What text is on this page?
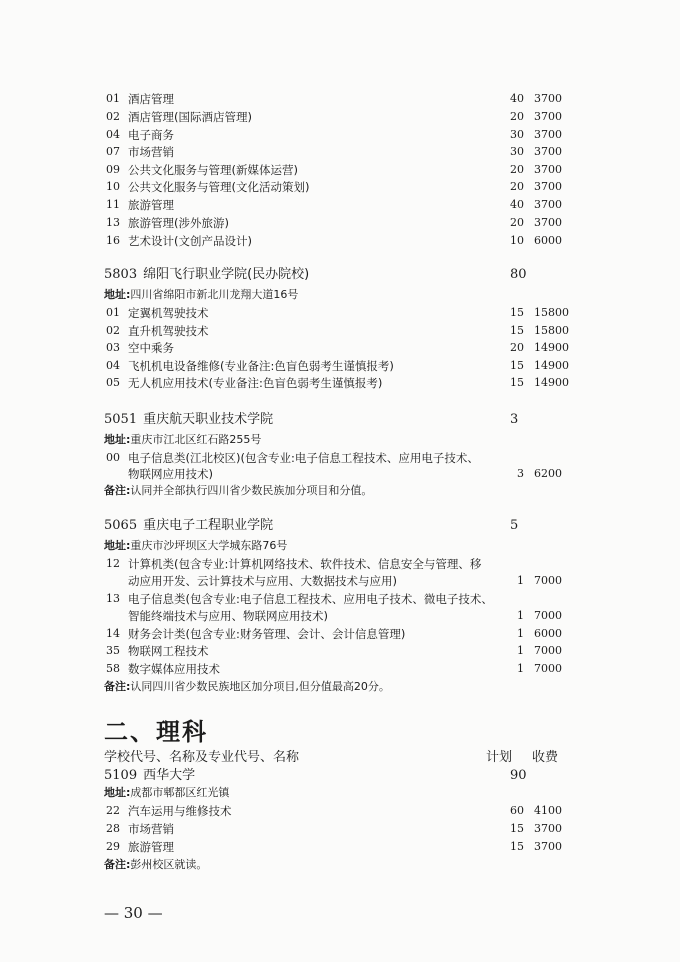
01 酒店管理	40 3700
02 酒店管理(国际酒店管理)	20 3700
04 电子商务	30 3700
07 市场营销	30 3700
09 公共文化服务与管理(新媒体运营)	20 3700
10 公共文化服务与管理(文化活动策划)	20 3700
11 旅游管理	40 3700
13 旅游管理(涉外旅游)	20 3700
16 艺术设计(文创产品设计)	10 6000
5803 绵阳飞行职业学院(民办院校)	80
地址:四川省绵阳市新北川龙翔大道16号
01 定翼机驾驶技术	15 15800
02 直升机驾驶技术	15 15800
03 空中乘务	20 14900
04 飞机机电设备维修(专业备注:色盲色弱考生谨慎报考)	15 14900
05 无人机应用技术(专业备注:色盲色弱考生谨慎报考)	15 14900
5051 重庆航天职业技术学院	3
地址:重庆市江北区红石路255号
00 电子信息类(江北校区)(包含专业:电子信息工程技术、应用电子技术、
物联网应用技术)	3 6200
备注:认同并全部执行四川省少数民族加分项目和分值。
5065 重庆电子工程职业学院	5
地址:重庆市沙坪坝区大学城东路76号
12 计算机类(包含专业:计算机网络技术、软件技术、信息安全与管理、移
动应用开发、云计算技术与应用、大数据技术与应用)	1 7000
13 电子信息类(包含专业:电子信息工程技术、应用电子技术、微电子技术、
智能终端技术与应用、物联网应用技术)	1 7000
14 财务会计类(包含专业:财务管理、会计、会计信息管理)	1 6000
35 物联网工程技术	1 7000
58 数字媒体应用技术	1 7000
备注:认同四川省少数民族地区加分项目,但分值最高20分。
二、理科
学校代号、名称及专业代号、名称	计划 收费
5109 西华大学	90
地址:成都市郫都区红光镇
22 汽车运用与维修技术	60 4100
28 市场营销	15 3700
29 旅游管理	15 3700
备注:彭州校区就读。
— 30 —
